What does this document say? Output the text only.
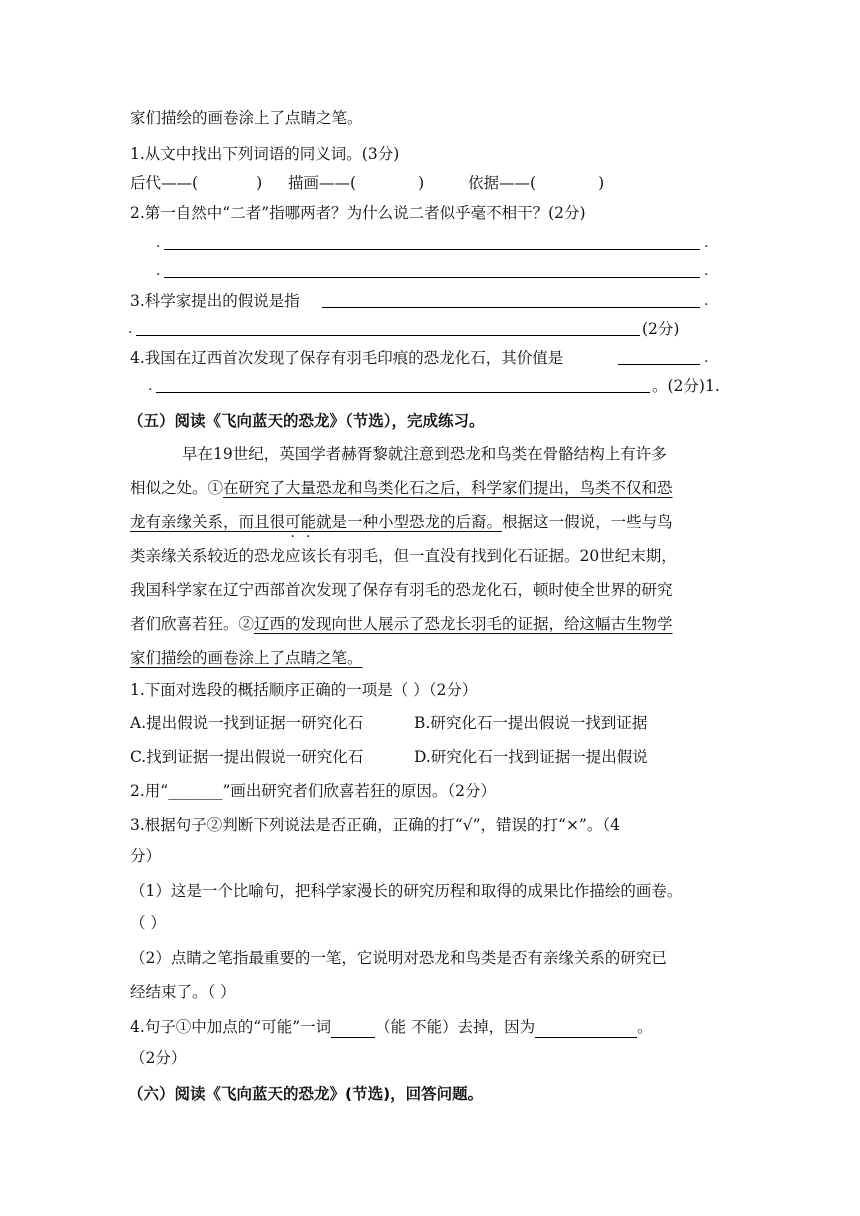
家们描绘的画卷涂上了点睛之笔。
1.从文中找出下列词语的同义词。(3分)
后代——(	) 描画——(	)	依据——(	)
2.第一自然中“二者”指哪两者？为什么说二者似乎毫不相干？(2分)
.	.
.	.
3.科学家提出的假说是指	.
.	(2分)
4.我国在辽西首次发现了保存有羽毛印痕的恐龙化石，其价值是	.
.	。(2分)1.
（五）阅读《飞向蓝天的恐龙》（节选），完成练习。
早在19世纪，英国学者赫胥黎就注意到恐龙和鸟类在骨骼结构上有许多
相似之处。①在研究了大量恐龙和鸟类化石之后，科学家们提出，鸟类不仅和恐
龙有亲缘关系，而且很可能就是一种小型恐龙的后裔。根据这一假说，一些与鸟
类亲缘关系较近的恐龙应该长有羽毛，但一直没有找到化石证据。20世纪末期，
我国科学家在辽宁西部首次发现了保存有羽毛的恐龙化石，顿时使全世界的研究
者们欣喜若狂。②辽西的发现向世人展示了恐龙长羽毛的证据，给这幅古生物学
家们描绘的画卷涂上了点睛之笔。
1.下面对选段的概括顺序正确的一项是（ ）（2分）
A.提出假说一找到证据一研究化石	B.研究化石一提出假说一找到证据
C.找到证据一提出假说一研究化石	D.研究化石一找到证据一提出假说
2.用“_______”画出研究者们欣喜若狂的原因。（2分）
3.根据句子②判断下列说法是否正确，正确的打“√”，错误的打“×”。（4
分）
（1）这是一个比喻句，把科学家漫长的研究历程和取得的成果比作描绘的画卷。
（ ）
（2）点睛之笔指最重要的一笔，它说明对恐龙和鸟类是否有亲缘关系的研究已
经结束了。（ ）
4.句子①中加点的“可能”一词	（能 不能）去掉，因为	。
（2分）
（六）阅读《飞向蓝天的恐龙》(节选)，回答问题。
